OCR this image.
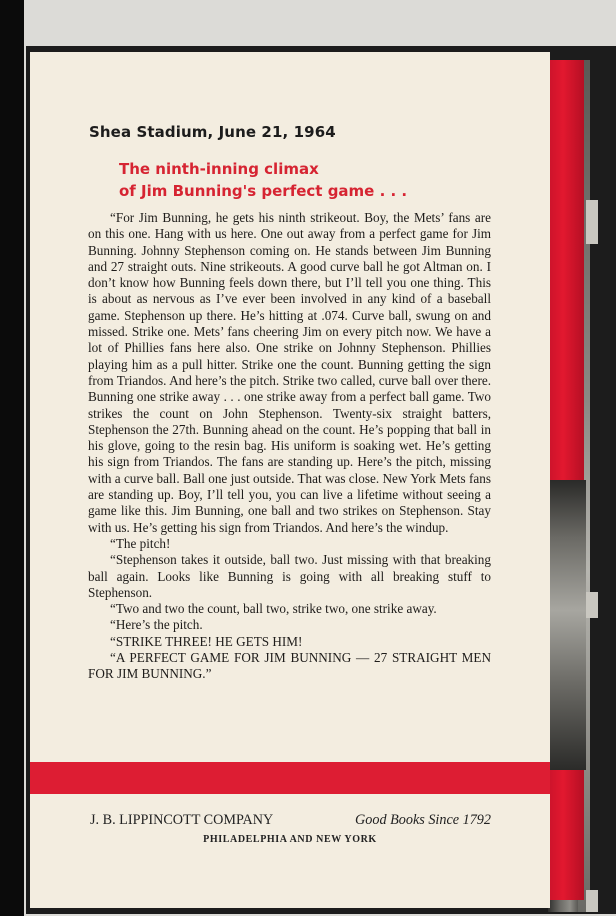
Shea Stadium, June 21, 1964
The ninth-inning climax
of Jim Bunning's perfect game . . .

“For Jim Bunning, he gets his ninth strikeout. Boy, the Mets’ fans are on this one. Hang with us here. One out away from a perfect game for Jim Bunning. Johnny Stephenson coming on. He stands between Jim Bunning and 27 straight outs. Nine strikeouts. A good curve ball he got Altman on. I don’t know how Bunning feels down there, but I’ll tell you one thing. This is about as nervous as I’ve ever been involved in any kind of a baseball game. Stephenson up there. He’s hitting at .074. Curve ball, swung on and missed. Strike one. Mets’ fans cheering Jim on every pitch now. We have a lot of Phillies fans here also. One strike on Johnny Stephenson. Phillies playing him as a pull hitter. Strike one the count. Bunning getting the sign from Triandos. And here’s the pitch. Strike two called, curve ball over there. Bunning one strike away . . . one strike away from a perfect ball game. Two strikes the count on John Stephenson. Twenty-six straight batters, Stephenson the 27th. Bunning ahead on the count. He’s popping that ball in his glove, going to the resin bag. His uniform is soaking wet. He’s getting his sign from Triandos. The fans are standing up. Here’s the pitch, missing with a curve ball. Ball one just outside. That was close. New York Mets fans are standing up. Boy, I’ll tell you, you can live a lifetime without seeing a game like this. Jim Bunning, one ball and two strikes on Stephenson. Stay with us. He’s getting his sign from Triandos. And here’s the windup.

“The pitch!

“Stephenson takes it outside, ball two. Just missing with that breaking ball again. Looks like Bunning is going with all breaking stuff to Stephenson.

“Two and two the count, ball two, strike two, one strike away.

“Here’s the pitch.

“STRIKE THREE! HE GETS HIM!

“A PERFECT GAME FOR JIM BUNNING — 27 STRAIGHT MEN FOR JIM BUNNING.”

J. B. LIPPINCOTT COMPANY	Good Books Since 1792
PHILADELPHIA AND NEW YORK
